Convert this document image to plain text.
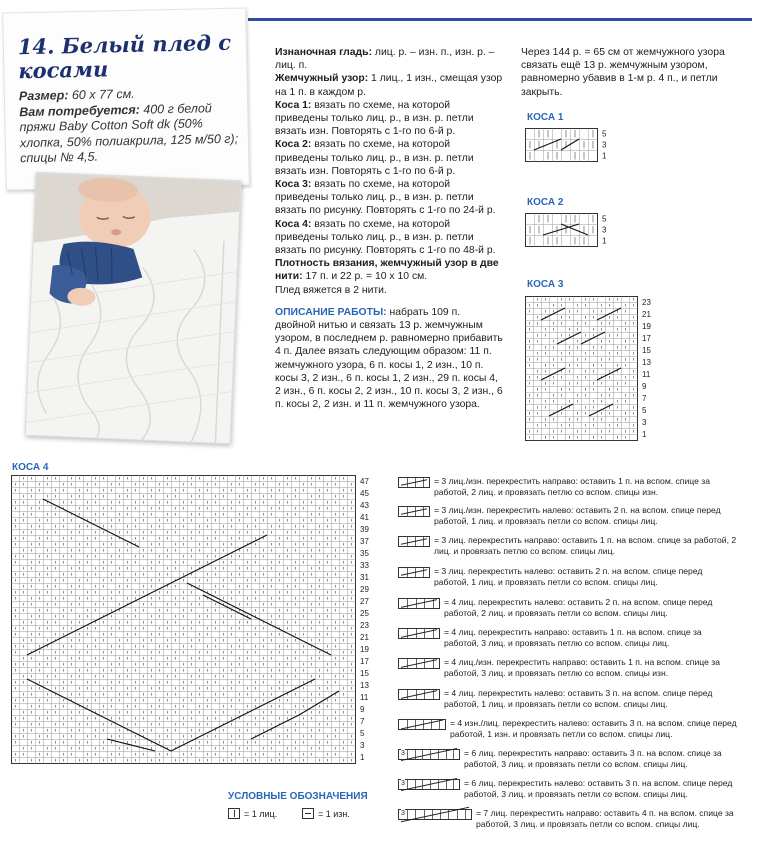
14. Белый плед с косами
Размер: 60 x 77 см.
Вам потребуется: 400 г белой пряжи Baby Cotton Soft dk (50% хлопка, 50% полиакрила, 125 м/50 г); спицы № 4,5.

Изнаночная гладь: лиц. р. – изн. п., изн. р. – лиц. п.

Жемчужный узор: 1 лиц., 1 изн., смещая узор на 1 п. в каждом р.

Коса 1: вязать по схеме, на которой приведены только лиц. р., в изн. р. петли вязать изн. Повторять с 1-го по 6-й р.

Коса 2: вязать по схеме, на которой приведены только лиц. р., в изн. р. петли вязать изн. Повторять с 1-го по 6-й р.

Коса 3: вязать по схеме, на которой приведены только лиц. р., в изн. р. петли вязать по рисунку. Повторять с 1-го по 24-й р.

Коса 4: вязать по схеме, на которой приведены только лиц. р., в изн. р. петли вязать по рисунку. Повторять с 1-го по 48-й р.

Плотность вязания, жемчужный узор в две нити: 17 п. и 22 р. = 10 x 10 см.

Плед вяжется в 2 нити.

ОПИСАНИЕ РАБОТЫ: набрать 109 п. двойной нитью и связать 13 р. жемчужным узором, в последнем р. равномерно прибавить 4 п. Далее вязать следующим образом: 11 п. жемчужного узора, 6 п. косы 1, 2 изн., 10 п. косы 3, 2 изн., 6 п. косы 1, 2 изн., 29 п. косы 4, 2 изн., 6 п. косы 2, 2 изн., 10 п. косы 3, 2 изн., 6 п. косы 2, 2 изн. и 11 п. жемчужного узора.

Через 144 р. = 65 см от жемчужного узора связать ещё 13 р. жемчужным узором, равномерно убавив в 1-м р. 4 п., и петли закрыть.

КОСА 1
КОСА 2
КОСА 3
КОСА 4
5
3
1
5
3
1
23
21
19
17
15
13
11
9
7
5
3
1
47
45
43
41
39
37
35
33
31
29
27
25
23
21
19
17
15
13
11
9
7
5
3
1
= 3 лиц./изн. перекрестить направо: оставить 1 п. на вспом. спице за работой, 2 лиц. и провязать петлю со вспом. спицы изн.
= 3 лиц./изн. перекрестить налево: оставить 2 п. на вспом. спице перед работой, 1 лиц. и провязать петли со вспом. спицы лиц.
= 3 лиц. перекрестить направо: оставить 1 п. на вспом. спице за работой, 2 лиц. и провязать петлю со вспом. спицы лиц.
= 3 лиц. перекрестить налево: оставить 2 п. на вспом. спице перед работой, 1 лиц. и провязать петли со вспом. спицы лиц.
= 4 лиц. перекрестить налево: оставить 2 п. на вспом. спице перед работой, 2 лиц. и провязать петли со вспом. спицы лиц.
= 4 лиц. перекрестить направо: оставить 1 п. на вспом. спице за работой, 3 лиц. и провязать петлю со вспом. спицы лиц.
= 4 лиц./изн. перекрестить направо: оставить 1 п. на вспом. спице за работой, 3 лиц. и провязать петлю со вспом. спицы изн.
= 4 лиц. перекрестить налево: оставить 3 п. на вспом. спице перед работой, 1 лиц. и провязать петли со вспом. спицы лиц.
= 4 изн./лиц. перекрестить налево: оставить 3 п. на вспом. спице перед работой, 1 изн. и провязать петли со вспом. спицы лиц.
3	= 6 лиц. перекрестить направо: оставить 3 п. на вспом. спице за работой, 3 лиц. и провязать петли со вспом. спицы лиц.
3	= 6 лиц. перекрестить налево: оставить 3 п. на вспом. спице перед работой, 3 лиц. и провязать петли со вспом. спицы лиц.
3	= 7 лиц. перекрестить направо: оставить 4 п. на вспом. спице за работой, 3 лиц. и провязать петли со вспом. спицы лиц.
УСЛОВНЫЕ ОБОЗНАЧЕНИЯ
= 1 лиц.	= 1 изн.
